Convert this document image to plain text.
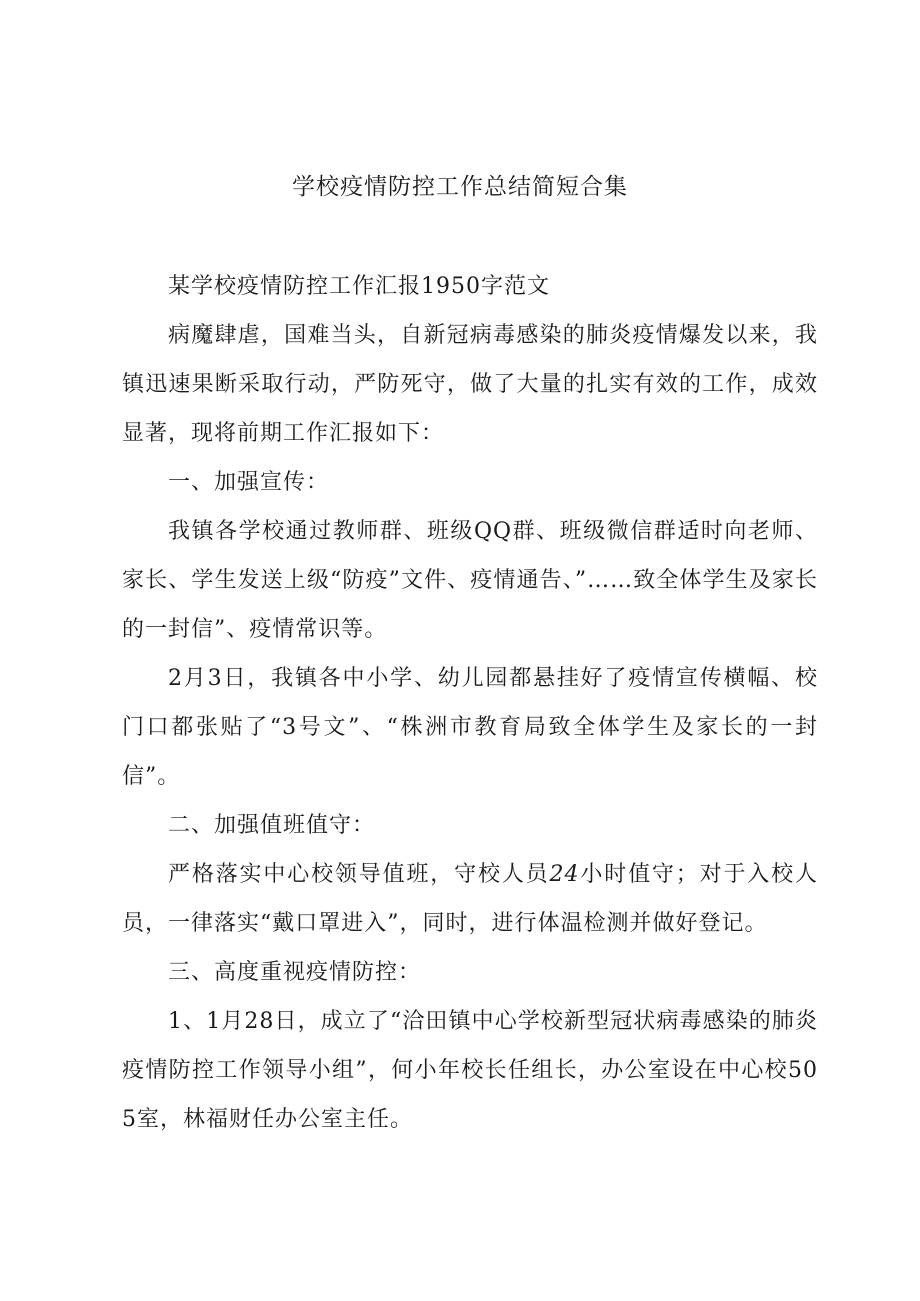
学校疫情防控工作总结简短合集

某学校疫情防控工作汇报1950字范文

病魔肆虐，国难当头，自新冠病毒感染的肺炎疫情爆发以来，我镇迅速果断采取行动，严防死守，做了大量的扎实有效的工作，成效显著，现将前期工作汇报如下：

一、加强宣传：

我镇各学校通过教师群、班级QQ群、班级微信群适时向老师、家长、学生发送上级“防疫”文件、疫情通告、”……致全体学生及家长的一封信”、疫情常识等。

2月3日，我镇各中小学、幼儿园都悬挂好了疫情宣传横幅、校门口都张贴了“3号文”、“株洲市教育局致全体学生及家长的一封信”。

二、加强值班值守：

严格落实中心校领导值班，守校人员24小时值守；对于入校人员，一律落实“戴口罩进入”，同时，进行体温检测并做好登记。

三、高度重视疫情防控：

1、1月28日，成立了“洽田镇中心学校新型冠状病毒感染的肺炎疫情防控工作领导小组”，何小年校长任组长，办公室设在中心校505室，林福财任办公室主任。
